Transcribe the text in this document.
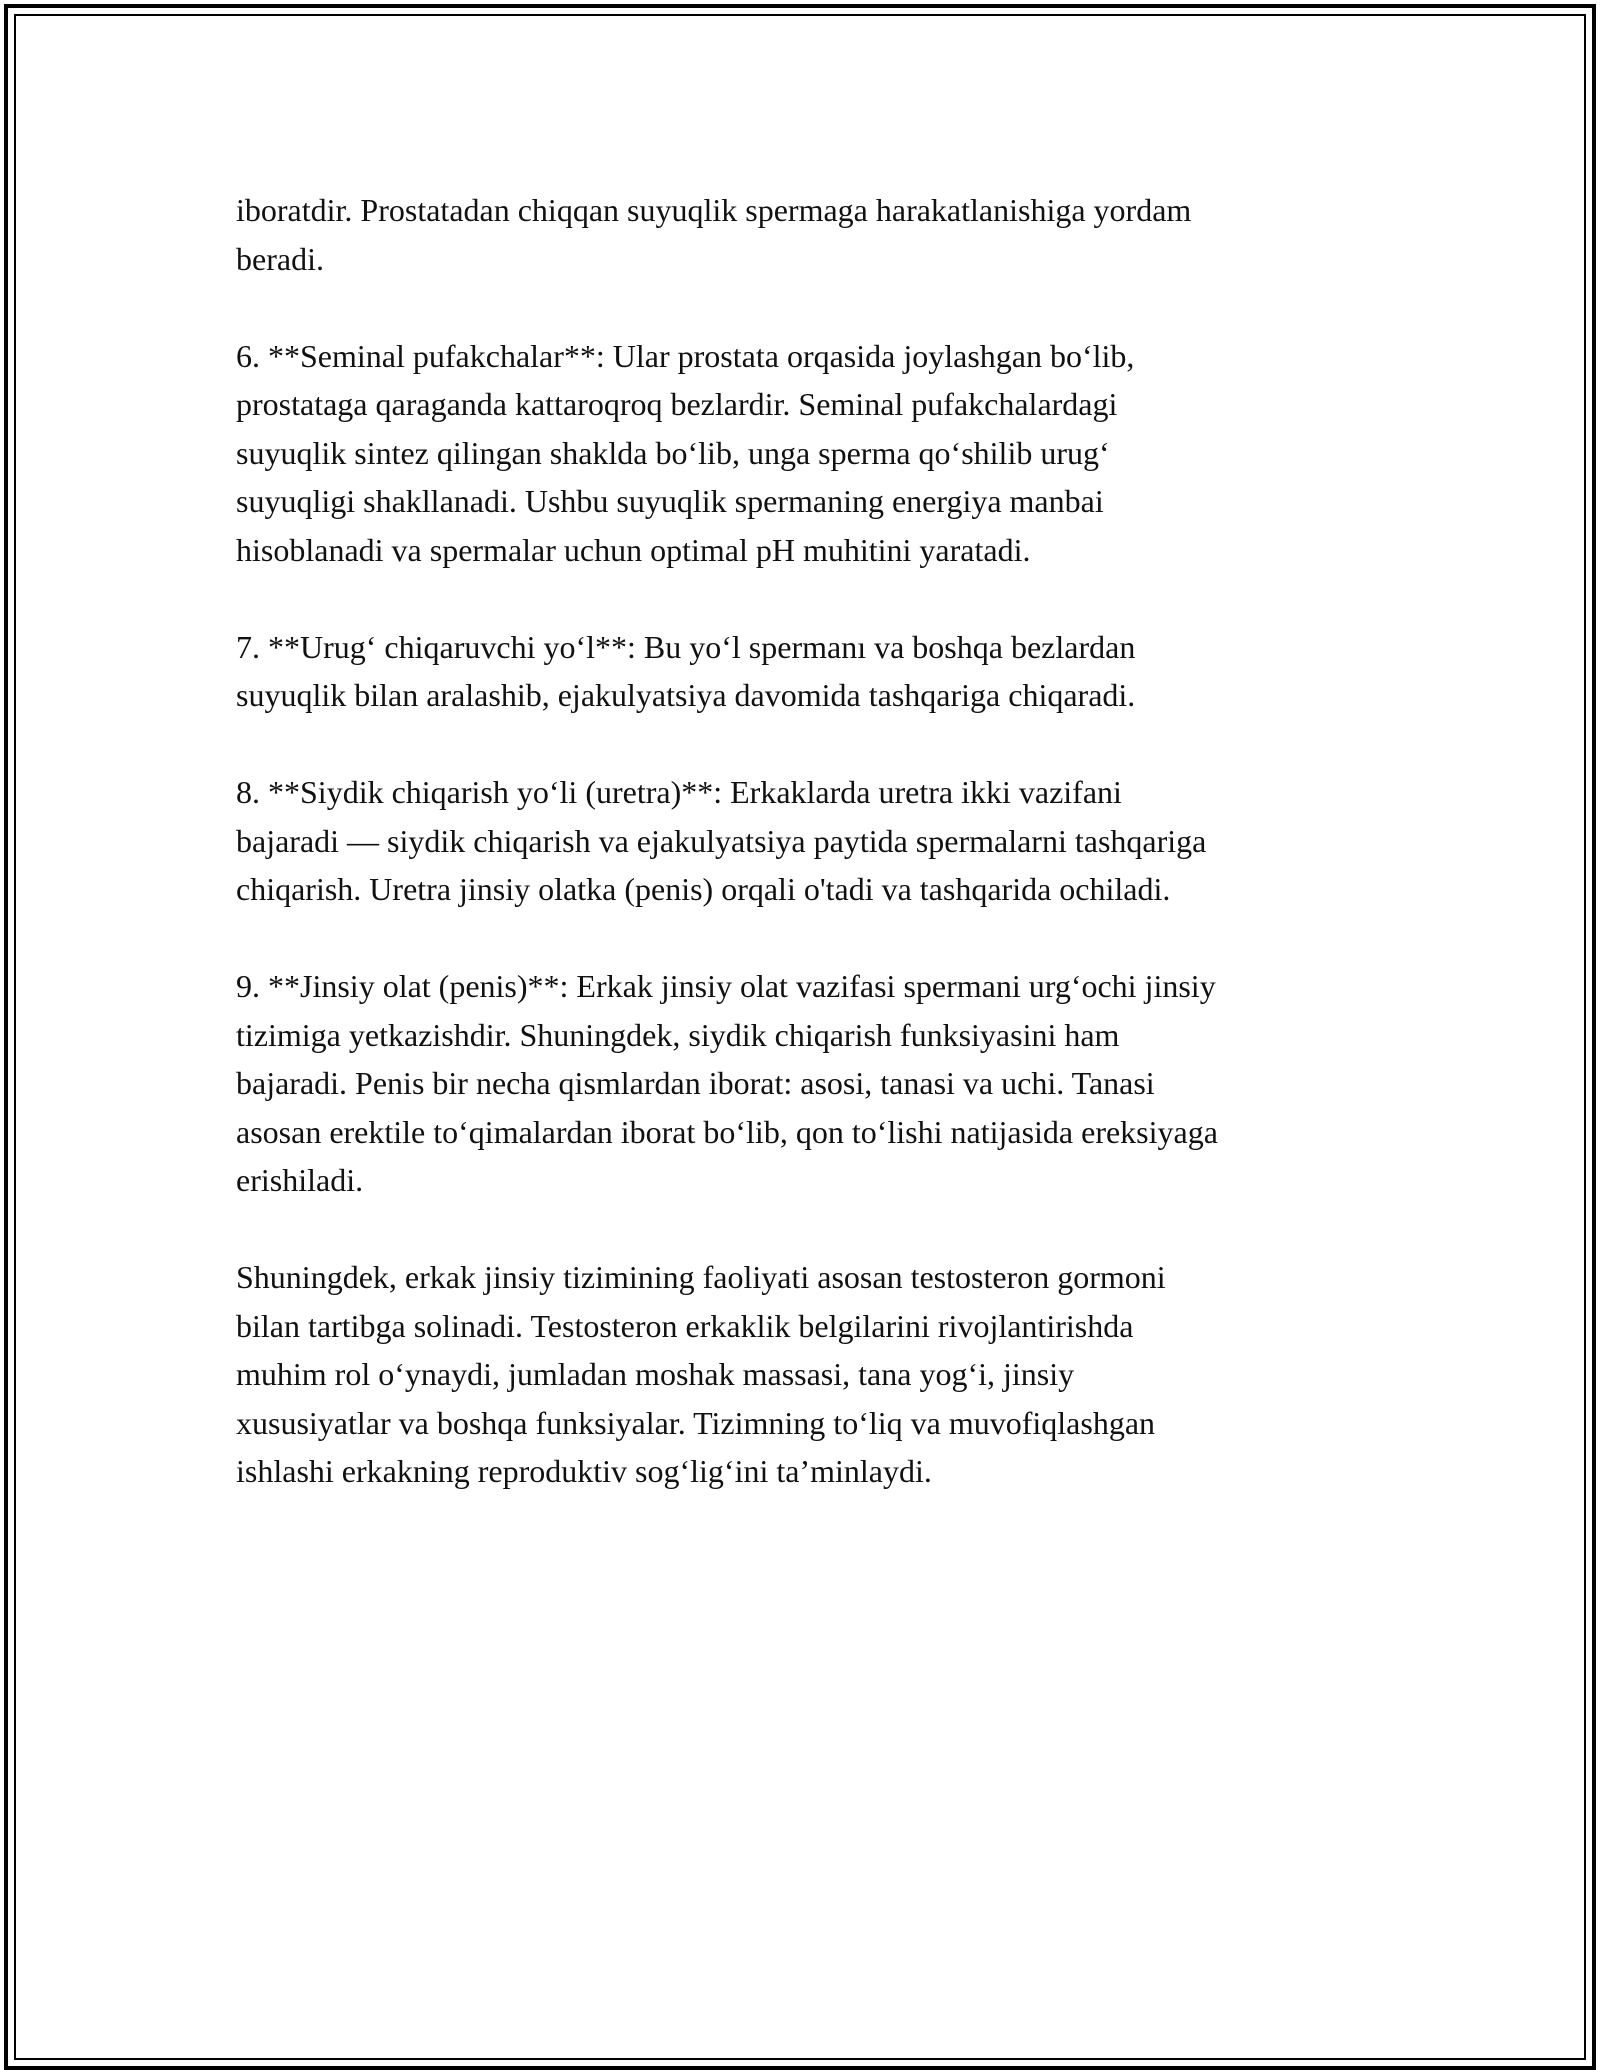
iboratdir. Prostatadan chiqqan suyuqlik spermaga harakatlanishiga yordam
beradi.

6. **Seminal pufakchalar**: Ular prostata orqasida joylashgan bo‘lib,
prostataga qaraganda kattaroqroq bezlardir. Seminal pufakchalardagi
suyuqlik sintez qilingan shaklda bo‘lib, unga sperma qo‘shilib urug‘
suyuqligi shakllanadi. Ushbu suyuqlik spermaning energiya manbai
hisoblanadi va spermalar uchun optimal pH muhitini yaratadi.

7. **Urug‘ chiqaruvchi yo‘l**: Bu yo‘l spermanı va boshqa bezlardan
suyuqlik bilan aralashib, ejakulyatsiya davomida tashqariga chiqaradi.

8. **Siydik chiqarish yo‘li (uretra)**: Erkaklarda uretra ikki vazifani
bajaradi — siydik chiqarish va ejakulyatsiya paytida spermalarni tashqariga
chiqarish. Uretra jinsiy olatka (penis) orqali o'tadi va tashqarida ochiladi.

9. **Jinsiy olat (penis)**: Erkak jinsiy olat vazifasi spermani urg‘ochi jinsiy
tizimiga yetkazishdir. Shuningdek, siydik chiqarish funksiyasini ham
bajaradi. Penis bir necha qismlardan iborat: asosi, tanasi va uchi. Tanasi
asosan erektile to‘qimalardan iborat bo‘lib, qon to‘lishi natijasida ereksiyaga
erishiladi.

Shuningdek, erkak jinsiy tizimining faoliyati asosan testosteron gormoni
bilan tartibga solinadi. Testosteron erkaklik belgilarini rivojlantirishda
muhim rol o‘ynaydi, jumladan moshak massasi, tana yog‘i, jinsiy
xususiyatlar va boshqa funksiyalar. Tizimning to‘liq va muvofiqlashgan
ishlashi erkakning reproduktiv sog‘lig‘ini ta’minlaydi.
